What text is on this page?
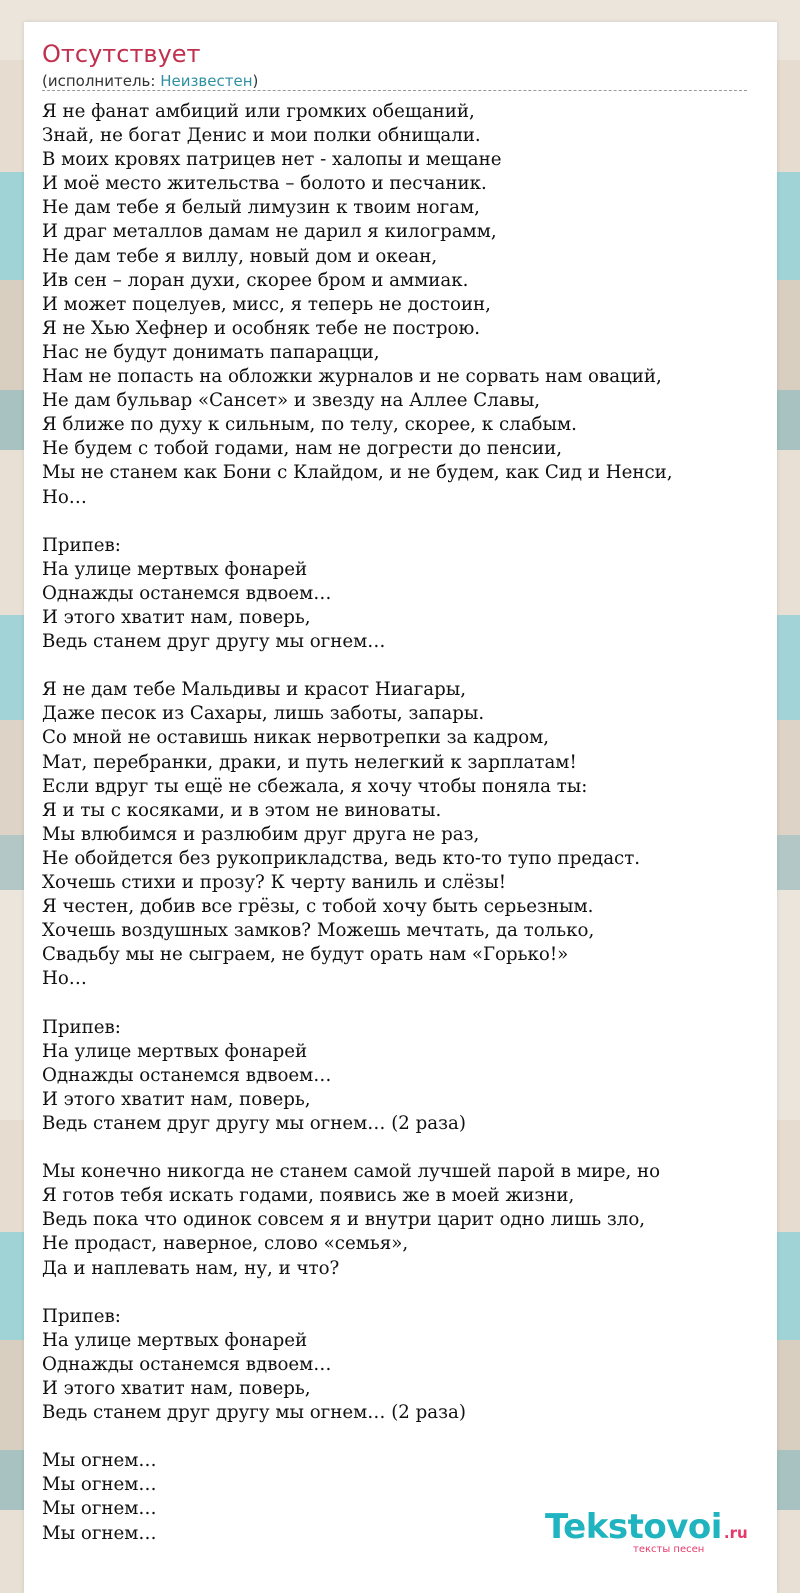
Отсутствует
(исполнитель: Неизвестен)
Я не фанат амбиций или громких обещаний,
Знай, не богат Денис и мои полки обнищали.
В моих кровях патрицев нет - халопы и мещане
И моё место жительства – болото и песчаник.
Не дам тебе я белый лимузин к твоим ногам,
И драг металлов дамам не дарил я килограмм,
Не дам тебе я виллу, новый дом и океан,
Ив сен – лоран духи, скорее бром и аммиак.
И может поцелуев, мисс, я теперь не достоин,
Я не Хью Хефнер и особняк тебе не построю.
Нас не будут донимать папарацци,
Нам не попасть на обложки журналов и не сорвать нам оваций,
Не дам бульвар «Сансет» и звезду на Аллее Славы,
Я ближе по духу к сильным, по телу, скорее, к слабым.
Не будем с тобой годами, нам не догрести до пенсии,
Мы не станем как Бони с Клайдом, и не будем, как Сид и Ненси,
Но…

Припев:
На улице мертвых фонарей
Однажды останемся вдвоем…
И этого хватит нам, поверь,
Ведь станем друг другу мы огнем…

Я не дам тебе Мальдивы и красот Ниагары,
Даже песок из Сахары, лишь заботы, запары.
Со мной не оставишь никак нервотрепки за кадром,
Мат, перебранки, драки, и путь нелегкий к зарплатам!
Если вдруг ты ещё не сбежала, я хочу чтобы поняла ты:
Я и ты с косяками, и в этом не виноваты.
Мы влюбимся и разлюбим друг друга не раз,
Не обойдется без рукоприкладства, ведь кто-то тупо предаст.
Хочешь стихи и прозу? К черту ваниль и слёзы!
Я честен, добив все грёзы, с тобой хочу быть серьезным.
Хочешь воздушных замков? Можешь мечтать, да только,
Свадьбу мы не сыграем, не будут орать нам «Горько!»
Но…

Припев:
На улице мертвых фонарей
Однажды останемся вдвоем…
И этого хватит нам, поверь,
Ведь станем друг другу мы огнем… (2 раза)

Мы конечно никогда не станем самой лучшей парой в мире, но
Я готов тебя искать годами, появись же в моей жизни,
Ведь пока что одинок совсем я и внутри царит одно лишь зло,
Не продаст, наверное, слово «семья»,
Да и наплевать нам, ну, и что?

Припев:
На улице мертвых фонарей
Однажды останемся вдвоем…
И этого хватит нам, поверь,
Ведь станем друг другу мы огнем… (2 раза)

Мы огнем…
Мы огнем…
Мы огнем…
Мы огнем…	Tekstovoi .ru
тексты песен
